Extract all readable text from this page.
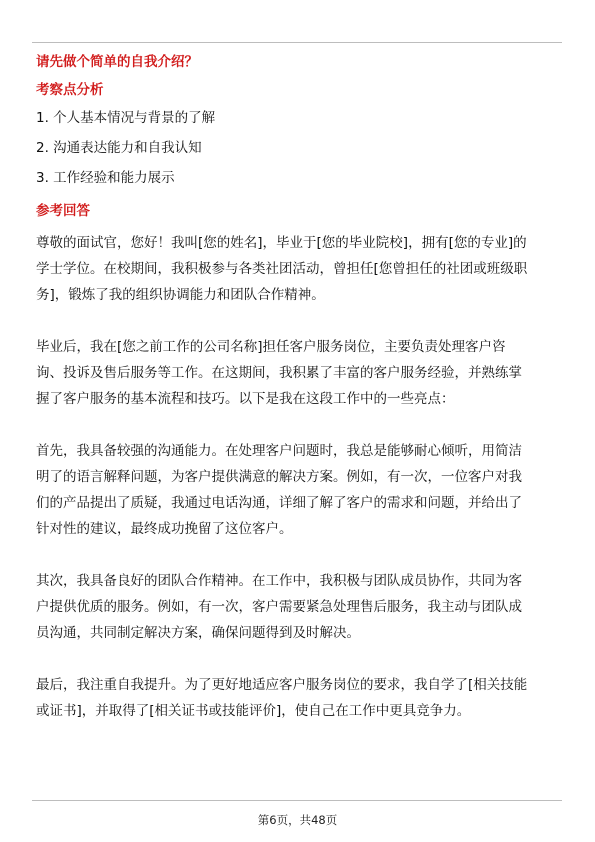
请先做个简单的自我介绍？
考察点分析
1. 个人基本情况与背景的了解
2. 沟通表达能力和自我认知
3. 工作经验和能力展示
参考回答

尊敬的面试官，您好！我叫[您的姓名]，毕业于[您的毕业院校]，拥有[您的专业]的
学士学位。在校期间，我积极参与各类社团活动，曾担任[您曾担任的社团或班级职
务]，锻炼了我的组织协调能力和团队合作精神。

毕业后，我在[您之前工作的公司名称]担任客户服务岗位，主要负责处理客户咨
询、投诉及售后服务等工作。在这期间，我积累了丰富的客户服务经验，并熟练掌
握了客户服务的基本流程和技巧。以下是我在这段工作中的一些亮点：

首先，我具备较强的沟通能力。在处理客户问题时，我总是能够耐心倾听，用简洁
明了的语言解释问题，为客户提供满意的解决方案。例如，有一次，一位客户对我
们的产品提出了质疑，我通过电话沟通，详细了解了客户的需求和问题，并给出了
针对性的建议，最终成功挽留了这位客户。

其次，我具备良好的团队合作精神。在工作中，我积极与团队成员协作，共同为客
户提供优质的服务。例如，有一次，客户需要紧急处理售后服务，我主动与团队成
员沟通，共同制定解决方案，确保问题得到及时解决。

最后，我注重自我提升。为了更好地适应客户服务岗位的要求，我自学了[相关技能
或证书]，并取得了[相关证书或技能评价]，使自己在工作中更具竞争力。

第6页，共48页
